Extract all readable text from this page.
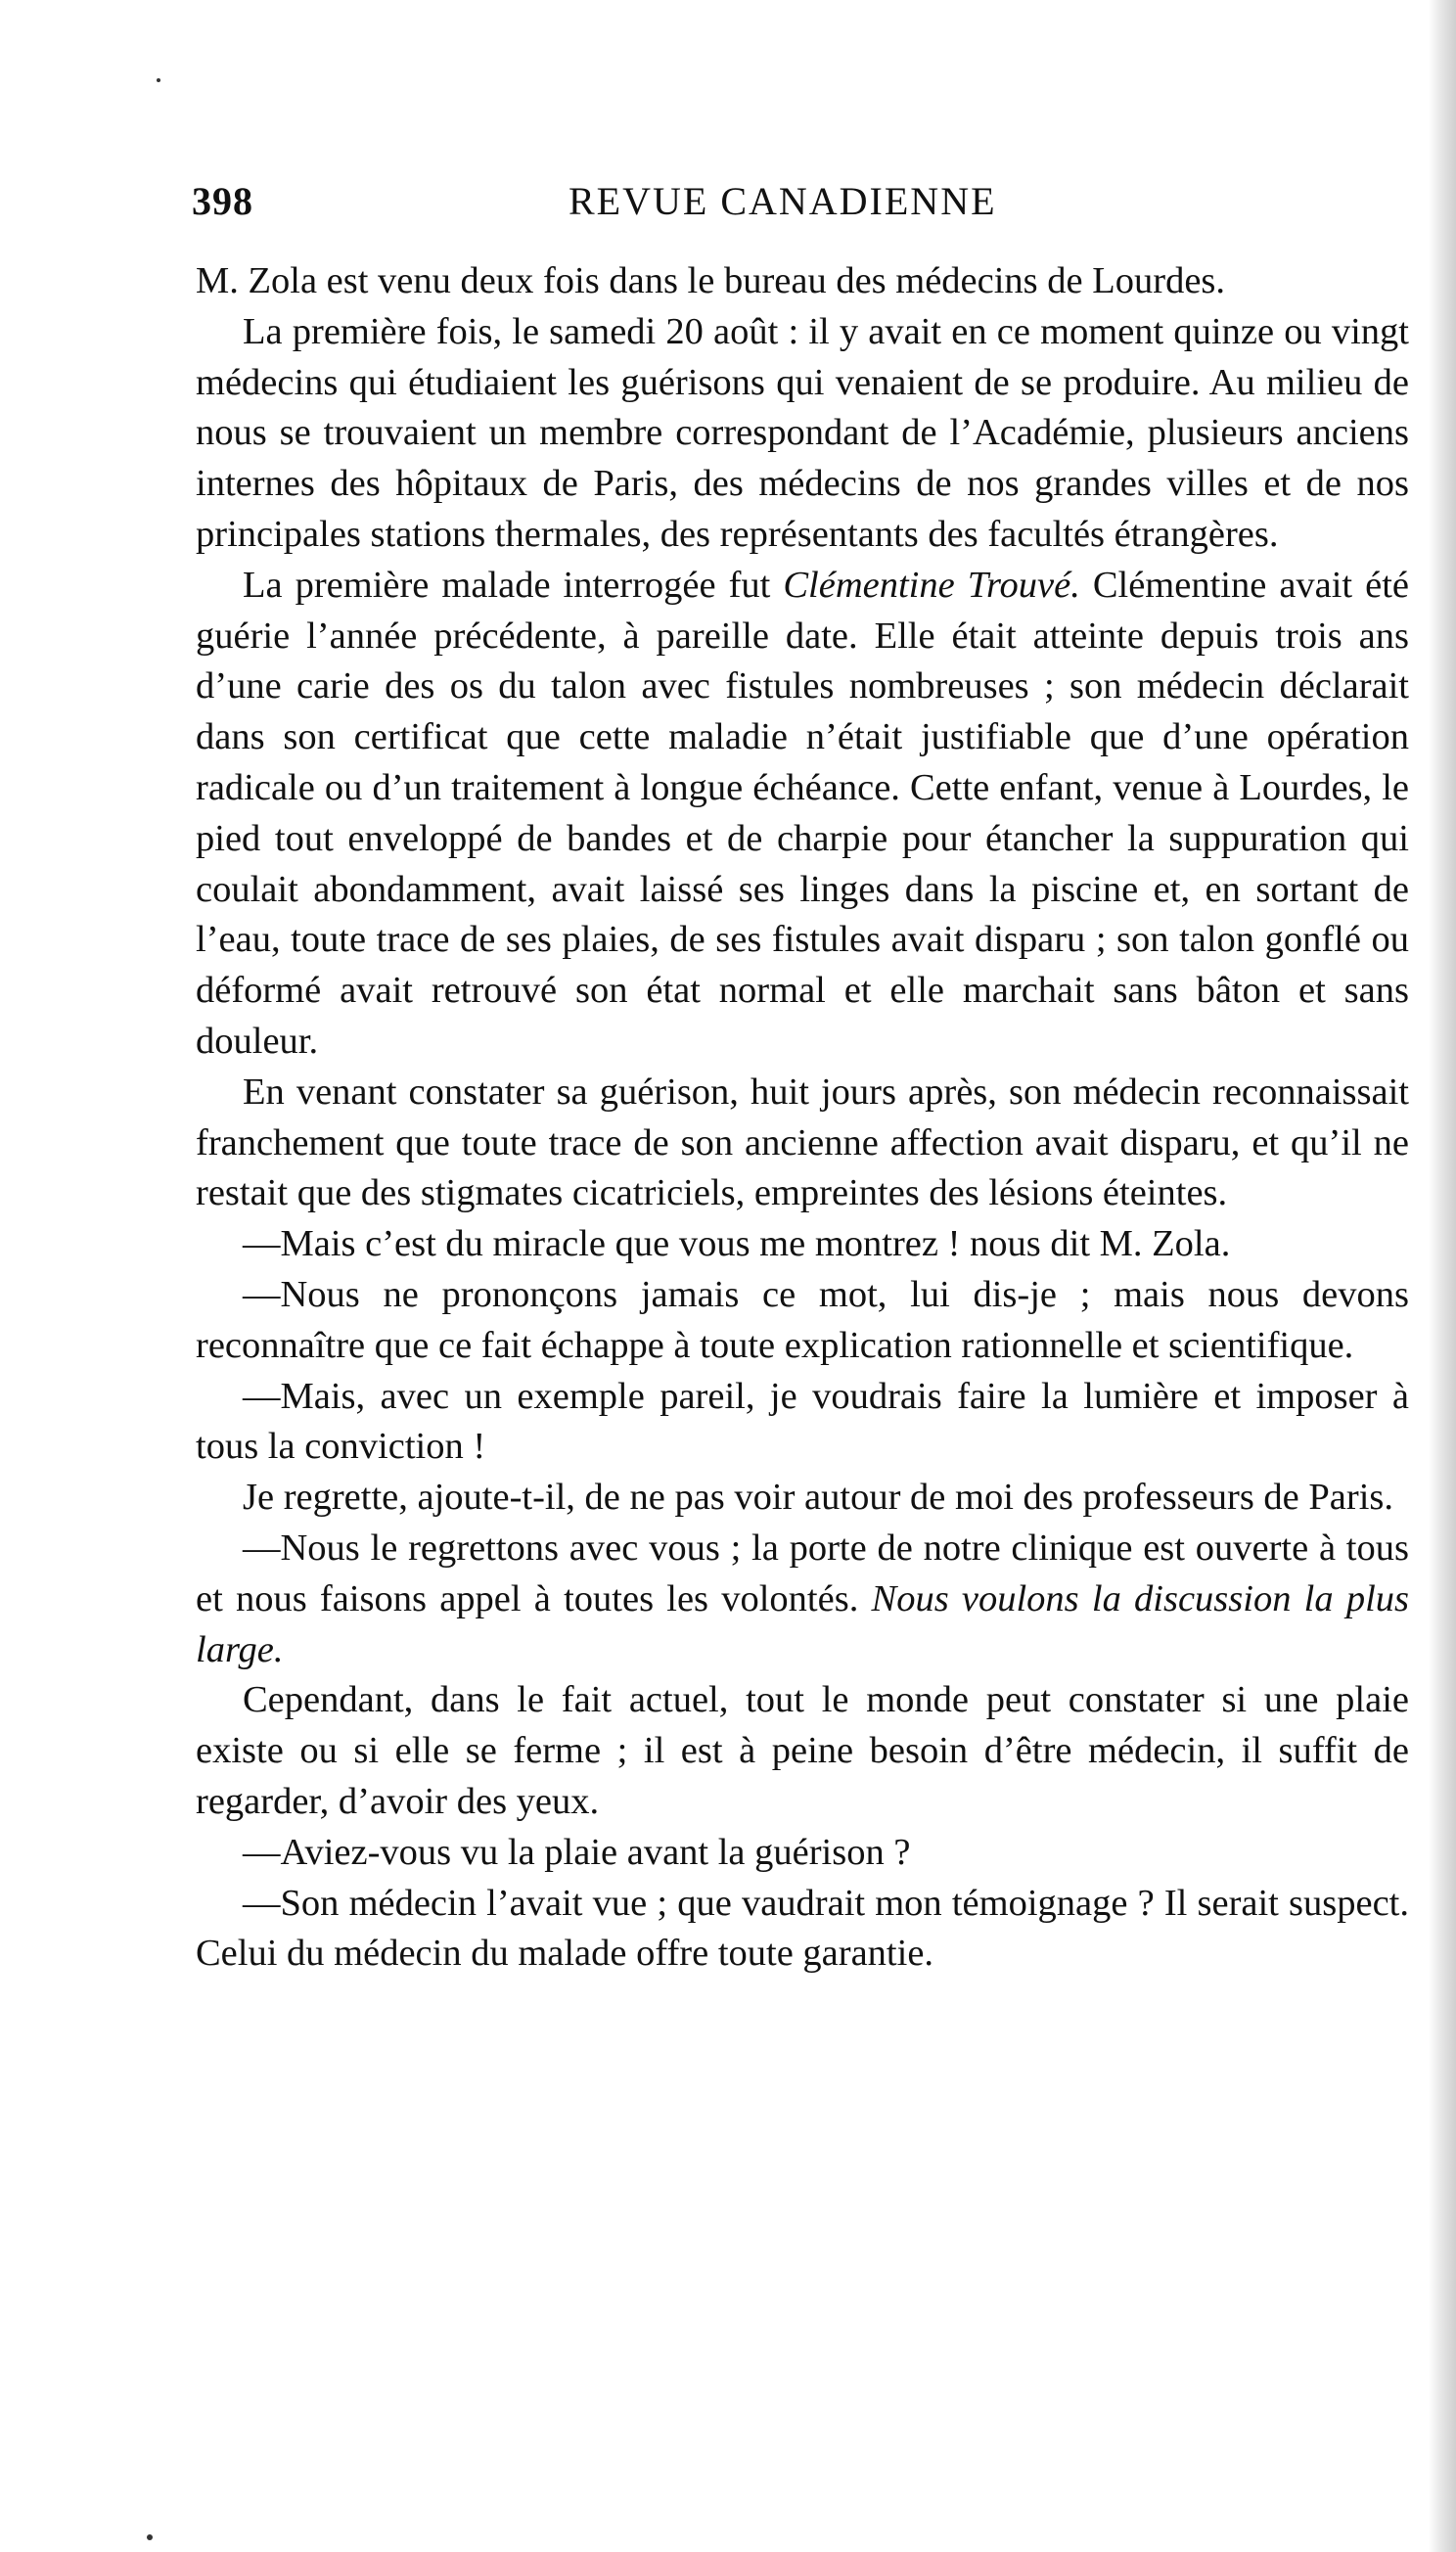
398	REVUE CANADIENNE

M. Zola est venu deux fois dans le bureau des médecins de Lourdes.

La première fois, le samedi 20 août : il y avait en ce moment quinze ou vingt médecins qui étudiaient les guérisons qui venaient de se produire. Au milieu de nous se trouvaient un membre correspondant de l’Académie, plusieurs anciens internes des hôpitaux de Paris, des médecins de nos grandes villes et de nos principales stations thermales, des représentants des facultés étrangères.

La première malade interrogée fut Clémentine Trouvé. Clémentine avait été guérie l’année précédente, à pareille date. Elle était atteinte depuis trois ans d’une carie des os du talon avec fistules nombreuses ; son médecin déclarait dans son certificat que cette maladie n’était justifiable que d’une opération radicale ou d’un traitement à longue échéance. Cette enfant, venue à Lourdes, le pied tout enveloppé de bandes et de charpie pour étancher la suppuration qui coulait abondamment, avait laissé ses linges dans la piscine et, en sortant de l’eau, toute trace de ses plaies, de ses fistules avait disparu ; son talon gonflé ou déformé avait retrouvé son état normal et elle marchait sans bâton et sans douleur.

En venant constater sa guérison, huit jours après, son médecin reconnaissait franchement que toute trace de son ancienne affection avait disparu, et qu’il ne restait que des stigmates cicatriciels, empreintes des lésions éteintes.

—Mais c’est du miracle que vous me montrez ! nous dit M. Zola.

—Nous ne prononçons jamais ce mot, lui dis-je ; mais nous devons reconnaître que ce fait échappe à toute explication rationnelle et scientifique.

—Mais, avec un exemple pareil, je voudrais faire la lumière et imposer à tous la conviction !

Je regrette, ajoute-t-il, de ne pas voir autour de moi des professeurs de Paris.

—Nous le regrettons avec vous ; la porte de notre clinique est ouverte à tous et nous faisons appel à toutes les volontés. Nous voulons la discussion la plus large.

Cependant, dans le fait actuel, tout le monde peut constater si une plaie existe ou si elle se ferme ; il est à peine besoin d’être médecin, il suffit de regarder, d’avoir des yeux.

—Aviez-vous vu la plaie avant la guérison ?

—Son médecin l’avait vue ; que vaudrait mon témoignage ? Il serait suspect. Celui du médecin du malade offre toute garantie.
